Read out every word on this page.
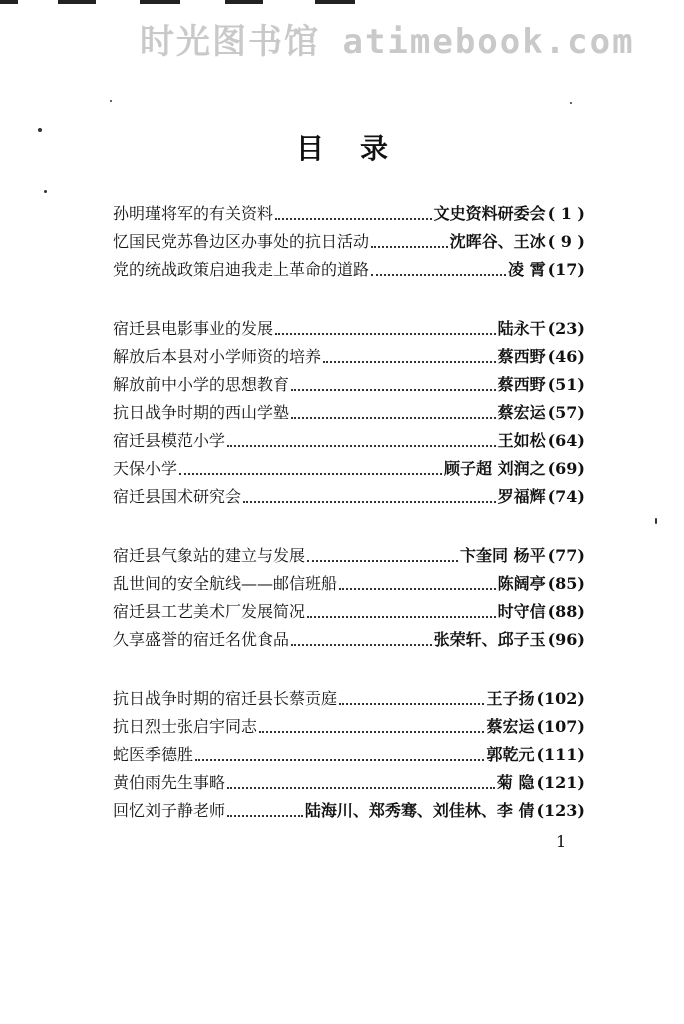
时光图书馆 atimebook.com
目录
孙明瑾将军的有关资料	文史资料研委会 ( 1 )
忆国民党苏鲁边区办事处的抗日活动	沈晖谷、王冰 ( 9 )
党的统战政策启迪我走上革命的道路	凌 霄 (17)
宿迁县电影事业的发展	陆永干 (23)
解放后本县对小学师资的培养	蔡西野 (46)
解放前中小学的思想教育	蔡西野 (51)
抗日战争时期的西山学塾	蔡宏运 (57)
宿迁县模范小学	王如松 (64)
天保小学	顾子超 刘润之 (69)
宿迁县国术研究会	罗福辉 (74)
宿迁县气象站的建立与发展	卞奎同 杨平 (77)
乱世间的安全航线——邮信班船	陈阔亭 (85)
宿迁县工艺美术厂发展简况	时守信 (88)
久享盛誉的宿迁名优食品	张荣轩、邱子玉 (96)
抗日战争时期的宿迁县长蔡贡庭	王子扬 (102)
抗日烈士张启宇同志	蔡宏运 (107)
蛇医季德胜	郭乾元 (111)
黄伯雨先生事略	菊 隐 (121)
回忆刘子静老师	陆海川、郑秀骞、刘佳林、李 倩 (123)
1
